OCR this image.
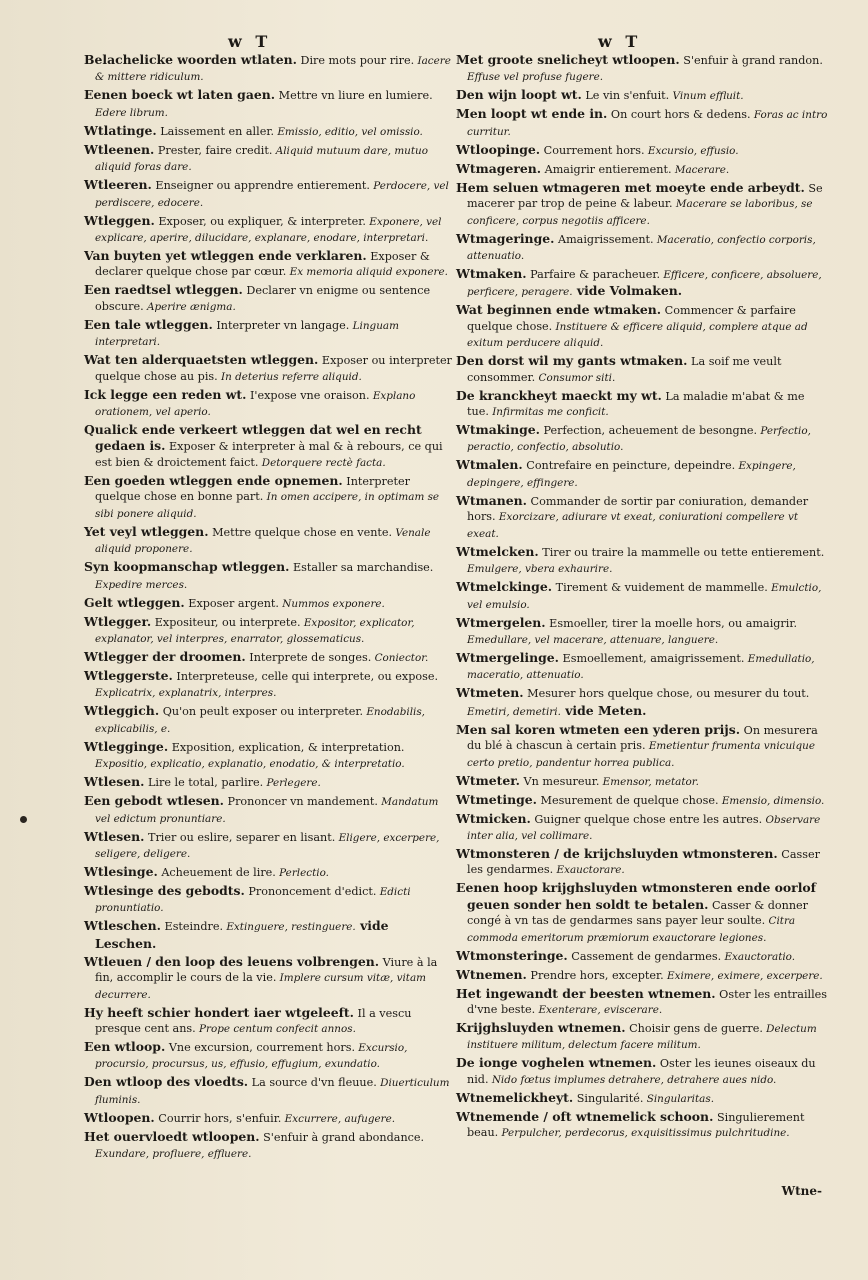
w T	w T

Belachelicke woorden wtlaten. Dire mots pour rire. Iacere & mittere ridiculum.

Eenen boeck wt laten gaen. Mettre vn liure en lumiere. Edere librum.

Wtlatinge. Laissement en aller. Emissio, editio, vel omissio.

Wtleenen. Prester, faire credit. Aliquid mutuum dare, mutuo aliquid foras dare.

Wtleeren. Enseigner ou apprendre entierement. Perdocere, vel perdiscere, edocere.

Wtleggen. Exposer, ou expliquer, & interpreter. Exponere, vel explicare, aperire, dilucidare, explanare, enodare, interpretari.

Van buyten yet wtleggen ende verklaren. Exposer & declarer quelque chose par cœur. Ex memoria aliquid exponere.

Een raedtsel wtleggen. Declarer vn enigme ou sentence obscure. Aperire ænigma.

Een tale wtleggen. Interpreter vn langage. Linguam interpretari.

Wat ten alderquaetsten wtleggen. Exposer ou interpreter quelque chose au pis. In deterius referre aliquid.

Ick legge een reden wt. I'expose vne oraison. Explano orationem, vel aperio.

Qualick ende verkeert wtleggen dat wel en recht gedaen is. Exposer & interpreter à mal & à rebours, ce qui est bien & droictement faict. Detorquere rectè facta.

Een goeden wtleggen ende opnemen. Interpreter quelque chose en bonne part. In omen accipere, in optimam se sibi ponere aliquid.

Yet veyl wtleggen. Mettre quelque chose en vente. Venale aliquid proponere.

Syn koopmanschap wtleggen. Estaller sa marchandise. Expedire merces.

Gelt wtleggen. Exposer argent. Nummos exponere.

Wtlegger. Expositeur, ou interprete. Expositor, explicator, explanator, vel interpres, enarrator, glossematicus.

Wtlegger der droomen. Interprete de songes. Coniector.

Wtleggerste. Interpreteuse, celle qui interprete, ou expose. Explicatrix, explanatrix, interpres.

Wtleggich. Qu'on peult exposer ou interpreter. Enodabilis, explicabilis, e.

Wtlegginge. Exposition, explication, & interpretation. Expositio, explicatio, explanatio, enodatio, & interpretatio.

Wtlesen. Lire le total, parlire. Perlegere.

Een gebodt wtlesen. Prononcer vn mandement. Mandatum vel edictum pronuntiare.

Wtlesen. Trier ou eslire, separer en lisant. Eligere, excerpere, seligere, deligere.

Wtlesinge. Acheuement de lire. Perlectio.

Wtlesinge des gebodts. Prononcement d'edict. Edicti pronuntiatio.

Wtleschen. Esteindre. Extinguere, restinguere. vide Leschen.

Wtleuen / den loop des leuens volbrengen. Viure à la fin, accomplir le cours de la vie. Implere cursum vitæ, vitam decurrere.

Hy heeft schier hondert iaer wtgeleeft. Il a vescu presque cent ans. Prope centum confecit annos.

Een wtloop. Vne excursion, courrement hors. Excursio, procursio, procursus, us, effusio, effugium, exundatio.

Den wtloop des vloedts. La source d'vn fleuue. Diuerticulum fluminis.

Wtloopen. Courrir hors, s'enfuir. Excurrere, aufugere.

Het ouervloedt wtloopen. S'enfuir à grand abondance. Exundare, profluere, effluere.

Met groote snelicheyt wtloopen. S'enfuir à grand randon. Effuse vel profuse fugere.

Den wijn loopt wt. Le vin s'enfuit. Vinum effluit.

Men loopt wt ende in. On court hors & dedens. Foras ac intro curritur.

Wtloopinge. Courrement hors. Excursio, effusio.

Wtmageren. Amaigrir entierement. Macerare.

Hem seluen wtmageren met moeyte ende arbeydt. Se macerer par trop de peine & labeur. Macerare se laboribus, se conficere, corpus negotiis afficere.

Wtmageringe. Amaigrissement. Maceratio, confectio corporis, attenuatio.

Wtmaken. Parfaire & paracheuer. Efficere, conficere, absoluere, perficere, peragere. vide Volmaken.

Wat beginnen ende wtmaken. Commencer & parfaire quelque chose. Instituere & efficere aliquid, complere atque ad exitum perducere aliquid.

Den dorst wil my gants wtmaken. La soif me veult consommer. Consumor siti.

De kranckheyt maeckt my wt. La maladie m'abat & me tue. Infirmitas me conficit.

Wtmakinge. Perfection, acheuement de besongne. Perfectio, peractio, confectio, absolutio.

Wtmalen. Contrefaire en peincture, depeindre. Expingere, depingere, effingere.

Wtmanen. Commander de sortir par coniuration, demander hors. Exorcizare, adiurare vt exeat, coniurationi compellere vt exeat.

Wtmelcken. Tirer ou traire la mammelle ou tette entierement. Emulgere, vbera exhaurire.

Wtmelckinge. Tirement & vuidement de mammelle. Emulctio, vel emulsio.

Wtmergelen. Esmoeller, tirer la moelle hors, ou amaigrir. Emedullare, vel macerare, attenuare, languere.

Wtmergelinge. Esmoellement, amaigrissement. Emedullatio, maceratio, attenuatio.

Wtmeten. Mesurer hors quelque chose, ou mesurer du tout. Emetiri, demetiri. vide Meten.

Men sal koren wtmeten een yderen prijs. On mesurera du blé à chascun à certain pris. Emetientur frumenta vnicuique certo pretio, pandentur horrea publica.

Wtmeter. Vn mesureur. Emensor, metator.

Wtmetinge. Mesurement de quelque chose. Emensio, dimensio.

Wtmicken. Guigner quelque chose entre les autres. Observare inter alia, vel collimare.

Wtmonsteren / de krijchsluyden wtmonsteren. Casser les gendarmes. Exauctorare.

Eenen hoop krijghsluyden wtmonsteren ende oorlof geuen sonder hen soldt te betalen. Casser & donner congé à vn tas de gendarmes sans payer leur soulte. Citra commoda emeritorum præmiorum exauctorare legiones.

Wtmonsteringe. Cassement de gendarmes. Exauctoratio.

Wtnemen. Prendre hors, excepter. Eximere, eximere, excerpere.

Het ingewandt der beesten wtnemen. Oster les entrailles d'vne beste. Exenterare, eviscerare.

Krijghsluyden wtnemen. Choisir gens de guerre. Delectum instituere militum, delectum facere militum.

De ionge voghelen wtnemen. Oster les ieunes oiseaux du nid. Nido fœtus implumes detrahere, detrahere aues nido.

Wtnemelickheyt. Singularité. Singularitas.

Wtnemende / oft wtnemelick schoon. Singulierement beau. Perpulcher, perdecorus, exquisitissimus pulchritudine.

Wtne-
